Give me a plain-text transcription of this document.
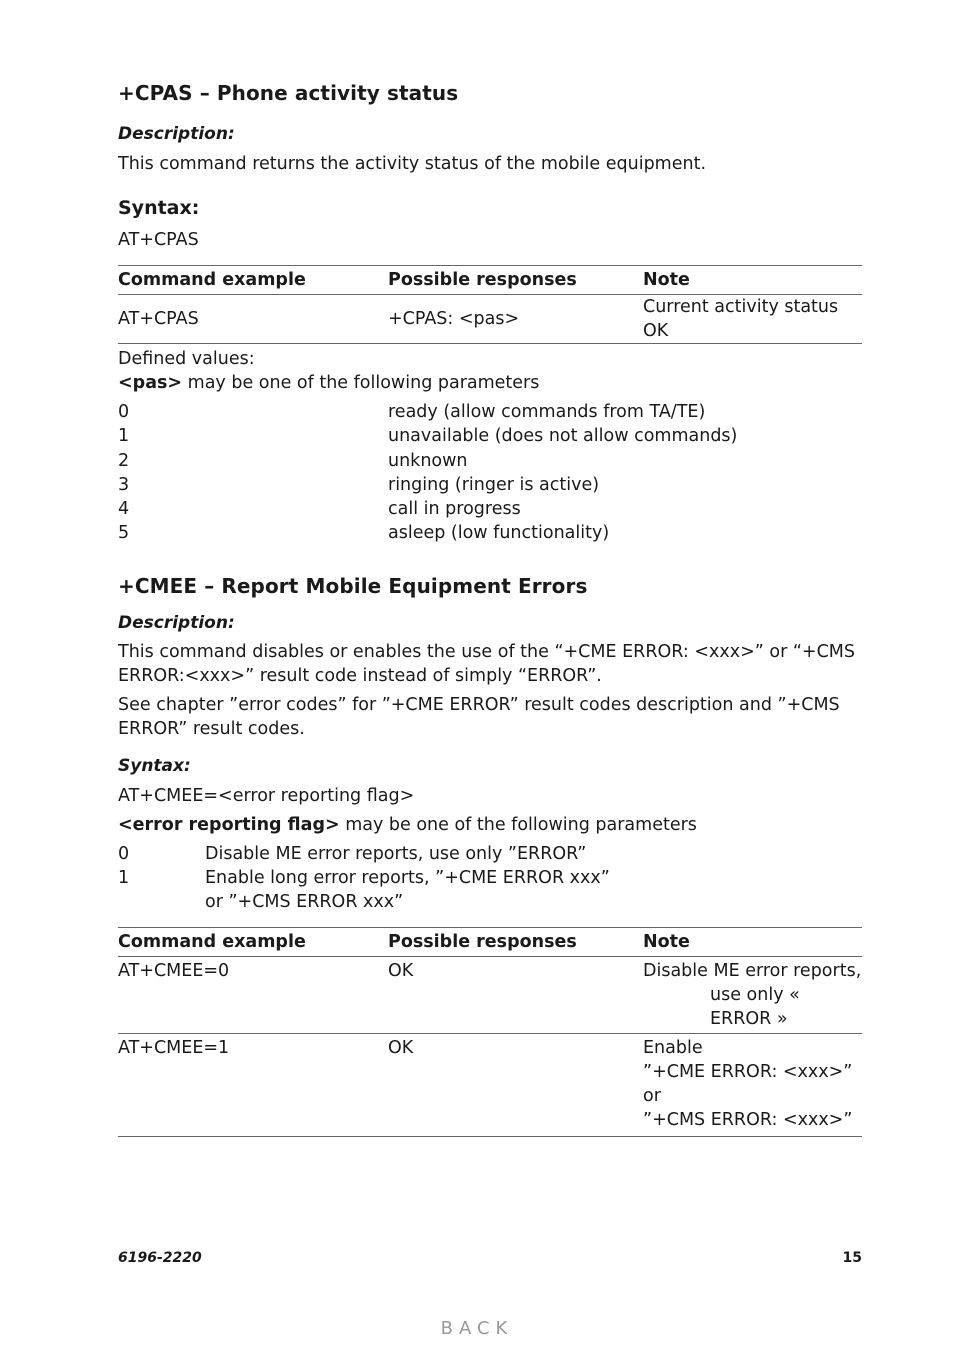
+CPAS – Phone activity status
Description:
This command returns the activity status of the mobile equipment.
Syntax:
AT+CPAS
Command example	Possible responses	Note
AT+CPAS	+CPAS: <pas>	Current activity status OK
Defined values:
<pas> may be one of the following parameters
0	ready (allow commands from TA/TE)
1	unavailable (does not allow commands)
2	unknown
3	ringing (ringer is active)
4	call in progress
5	asleep (low functionality)
+CMEE – Report Mobile Equipment Errors
Description:
This command disables or enables the use of the “+CME ERROR: <xxx>” or “+CMS
ERROR:<xxx>” result code instead of simply “ERROR”.
See chapter ”error codes” for ”+CME ERROR” result codes description and ”+CMS
ERROR” result codes.
Syntax:
AT+CMEE=<error reporting flag>
<error reporting flag> may be one of the following parameters
0	Disable ME error reports, use only ”ERROR”
1	Enable long error reports, ”+CME ERROR xxx”
or ”+CMS ERROR xxx”
Command example	Possible responses	Note
AT+CMEE=0	OK	Disable ME error reports,
use only «
ERROR »

AT+CMEE=1	OK	Enable
”+CME ERROR: <xxx>”
or
”+CMS ERROR: <xxx>”
6196-2220	15
BACK
